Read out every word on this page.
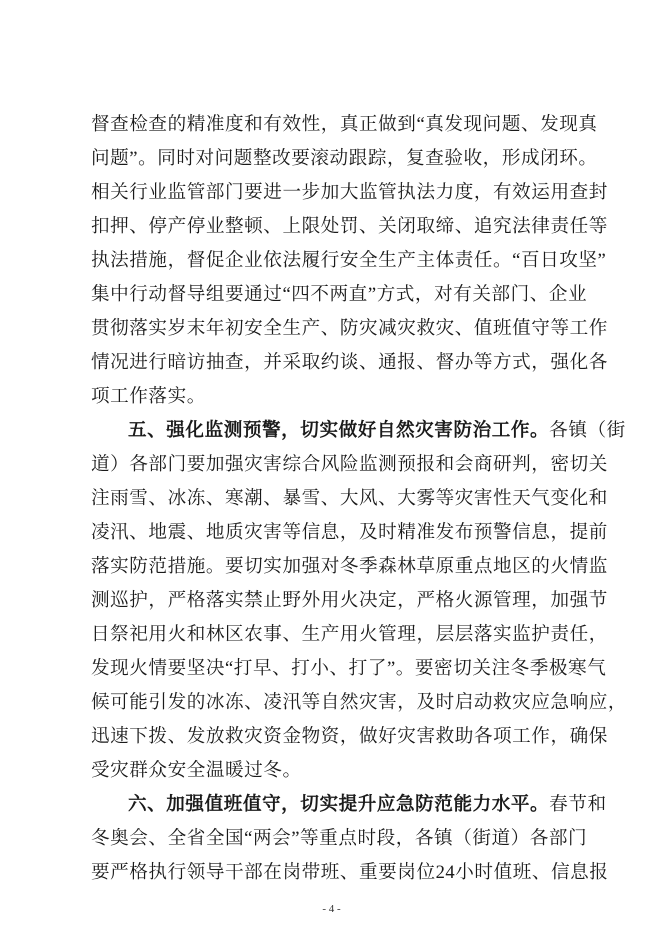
督查检查的精准度和有效性，真正做到“真发现问题、发现真
问题”。同时对问题整改要滚动跟踪，复查验收，形成闭环。
相关行业监管部门要进一步加大监管执法力度，有效运用查封
扣押、停产停业整顿、上限处罚、关闭取缔、追究法律责任等
执法措施，督促企业依法履行安全生产主体责任。“百日攻坚”
集中行动督导组要通过“四不两直”方式，对有关部门、企业
贯彻落实岁末年初安全生产、防灾减灾救灾、值班值守等工作
情况进行暗访抽查，并采取约谈、通报、督办等方式，强化各
项工作落实。
五、强化监测预警，切实做好自然灾害防治工作。各镇（街
道）各部门要加强灾害综合风险监测预报和会商研判，密切关
注雨雪、冰冻、寒潮、暴雪、大风、大雾等灾害性天气变化和
凌汛、地震、地质灾害等信息，及时精准发布预警信息，提前
落实防范措施。要切实加强对冬季森林草原重点地区的火情监
测巡护，严格落实禁止野外用火决定，严格火源管理，加强节
日祭祀用火和林区农事、生产用火管理，层层落实监护责任，
发现火情要坚决“打早、打小、打了”。要密切关注冬季极寒气
候可能引发的冰冻、凌汛等自然灾害，及时启动救灾应急响应，
迅速下拨、发放救灾资金物资，做好灾害救助各项工作，确保
受灾群众安全温暖过冬。
六、加强值班值守，切实提升应急防范能力水平。春节和
冬奥会、全省全国“两会”等重点时段，各镇（街道）各部门
要严格执行领导干部在岗带班、重要岗位24小时值班、信息报
- 4 -
